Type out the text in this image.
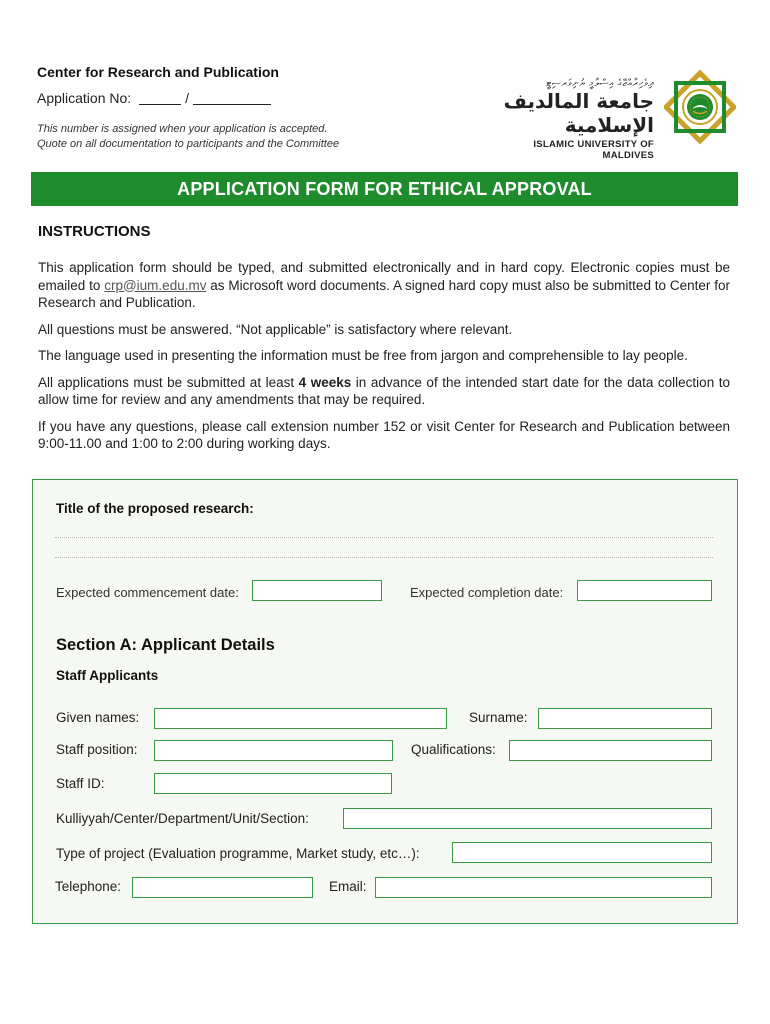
Center for Research and Publication
Application No:	/
This number is assigned when your application is accepted.
Quote on all documentation to participants and the Committee
ދިވެހިރާއްޖޭގެ އިސްލާމީ ޔުނިވަރސިޓީ
جامعة المالديف الإسلامية
ISLAMIC UNIVERSITY OF MALDIVES
APPLICATION FORM FOR ETHICAL APPROVAL
INSTRUCTIONS

This application form should be typed, and submitted electronically and in hard copy. Electronic copies must be emailed to crp@ium.edu.mv as Microsoft word documents. A signed hard copy must also be submitted to Center for Research and Publication.

All questions must be answered. “Not applicable” is satisfactory where relevant.

The language used in presenting the information must be free from jargon and comprehensible to lay people.

All applications must be submitted at least 4 weeks in advance of the intended start date for the data collection to allow time for review and any amendments that may be required.

If you have any questions, please call extension number 152 or visit Center for Research and Publication between 9:00-11.00 and 1:00 to 2:00 during working days.

Title of the proposed research:
Expected commencement date:	Expected completion date:
Section A: Applicant Details
Staff Applicants
Given names:	Surname:
Staff position:	Qualifications:
Staff ID:
Kulliyyah/Center/Department/Unit/Section:
Type of project (Evaluation programme, Market study, etc…):
Telephone:	Email:
